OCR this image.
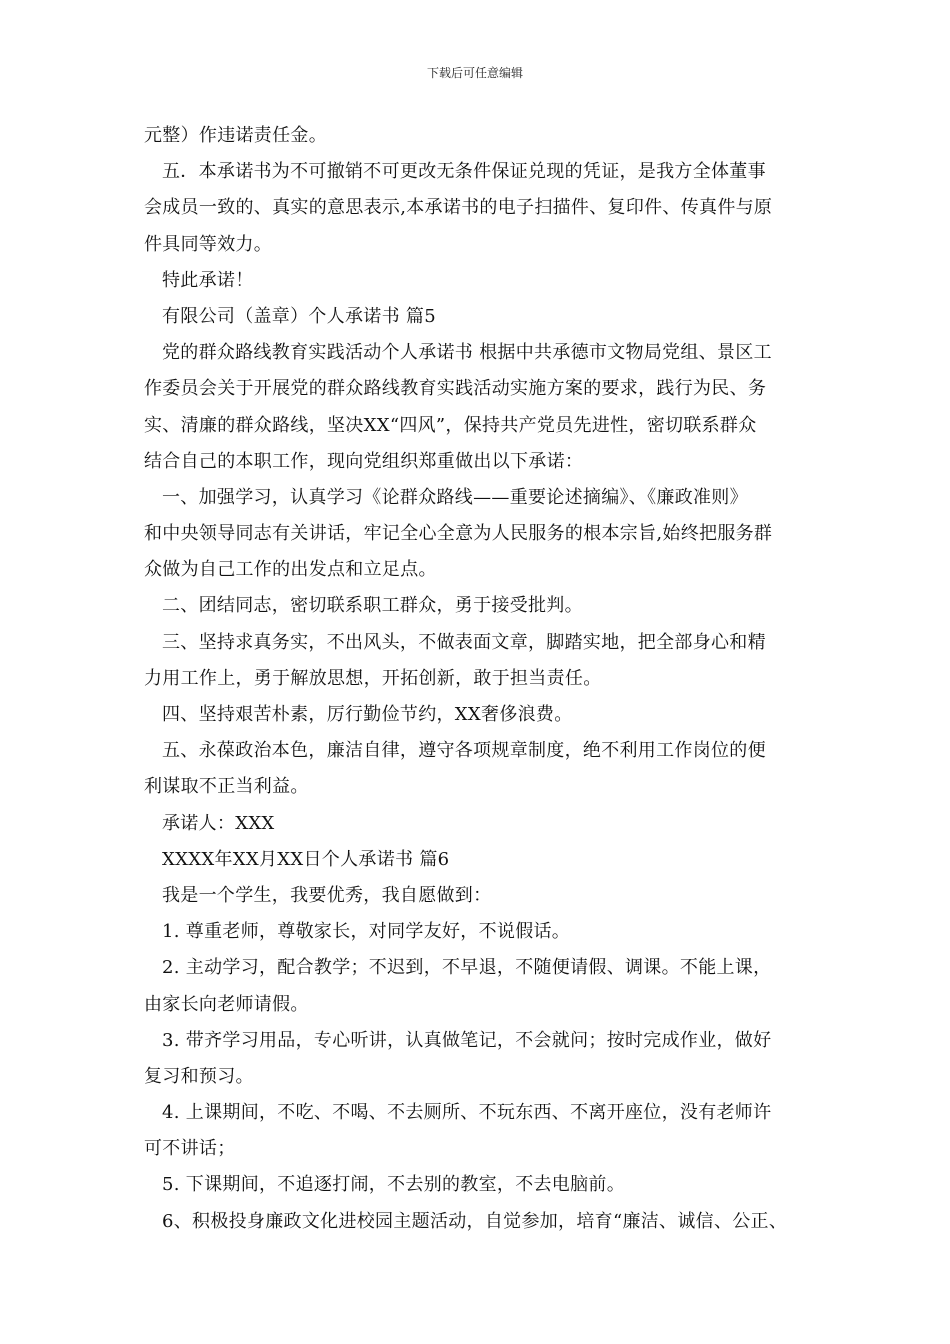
下载后可任意编辑
元整）作违诺责任金。
五．本承诺书为不可撤销不可更改无条件保证兑现的凭证，是我方全体董事
会成员一致的、真实的意思表示,本承诺书的电子扫描件、复印件、传真件与原
件具同等效力。
特此承诺！
有限公司（盖章）个人承诺书 篇5
党的群众路线教育实践活动个人承诺书 根据中共承德市文物局党组、景区工
作委员会关于开展党的群众路线教育实践活动实施方案的要求，践行为民、务
实、清廉的群众路线，坚决XX“四风”，保持共产党员先进性，密切联系群众
结合自己的本职工作，现向党组织郑重做出以下承诺：
一、加强学习，认真学习《论群众路线——重要论述摘编》、《廉政准则》
和中央领导同志有关讲话，牢记全心全意为人民服务的根本宗旨,始终把服务群
众做为自己工作的出发点和立足点。
二、团结同志，密切联系职工群众，勇于接受批判。
三、坚持求真务实，不出风头，不做表面文章，脚踏实地，把全部身心和精
力用工作上，勇于解放思想，开拓创新，敢于担当责任。
四、坚持艰苦朴素，厉行勤俭节约，XX奢侈浪费。
五、永葆政治本色，廉洁自律，遵守各项规章制度，绝不利用工作岗位的便
利谋取不正当利益。
承诺人：XXX
XXXX年XX月XX日个人承诺书 篇6
我是一个学生，我要优秀，我自愿做到：
1. 尊重老师，尊敬家长，对同学友好，不说假话。
2. 主动学习，配合教学；不迟到，不早退，不随便请假、调课。不能上课，
由家长向老师请假。
3. 带齐学习用品，专心听讲，认真做笔记，不会就问；按时完成作业，做好
复习和预习。
4. 上课期间，不吃、不喝、不去厕所、不玩东西、不离开座位，没有老师许
可不讲话；
5. 下课期间，不追逐打闹，不去别的教室，不去电脑前。
6、积极投身廉政文化进校园主题活动，自觉参加，培育“廉洁、诚信、公正、
